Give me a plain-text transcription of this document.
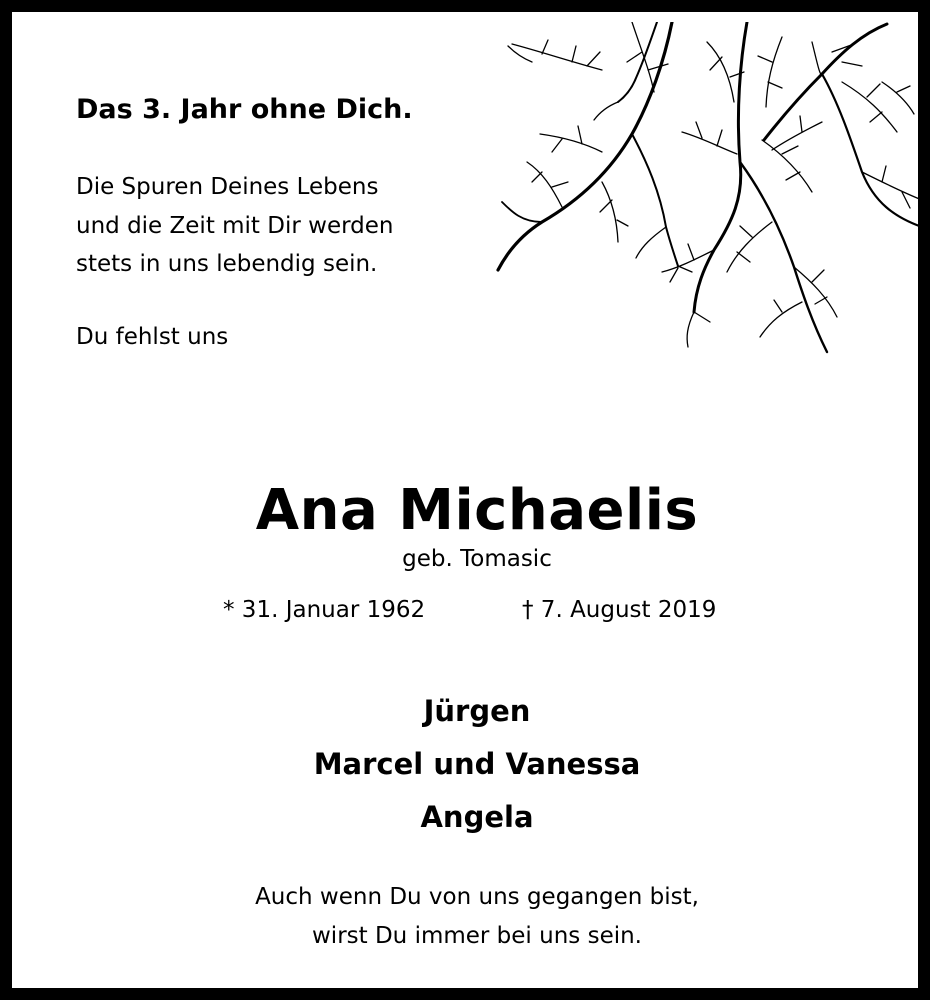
Das 3. Jahr ohne Dich.
Die Spuren Deines Lebens
und die Zeit mit Dir werden
stets in uns lebendig sein.
Du fehlst uns
Ana Michaelis
geb. Tomasic
* 31. Januar 1962	† 7. August 2019
Jürgen
Marcel und Vanessa
Angela
Auch wenn Du von uns gegangen bist,
wirst Du immer bei uns sein.
